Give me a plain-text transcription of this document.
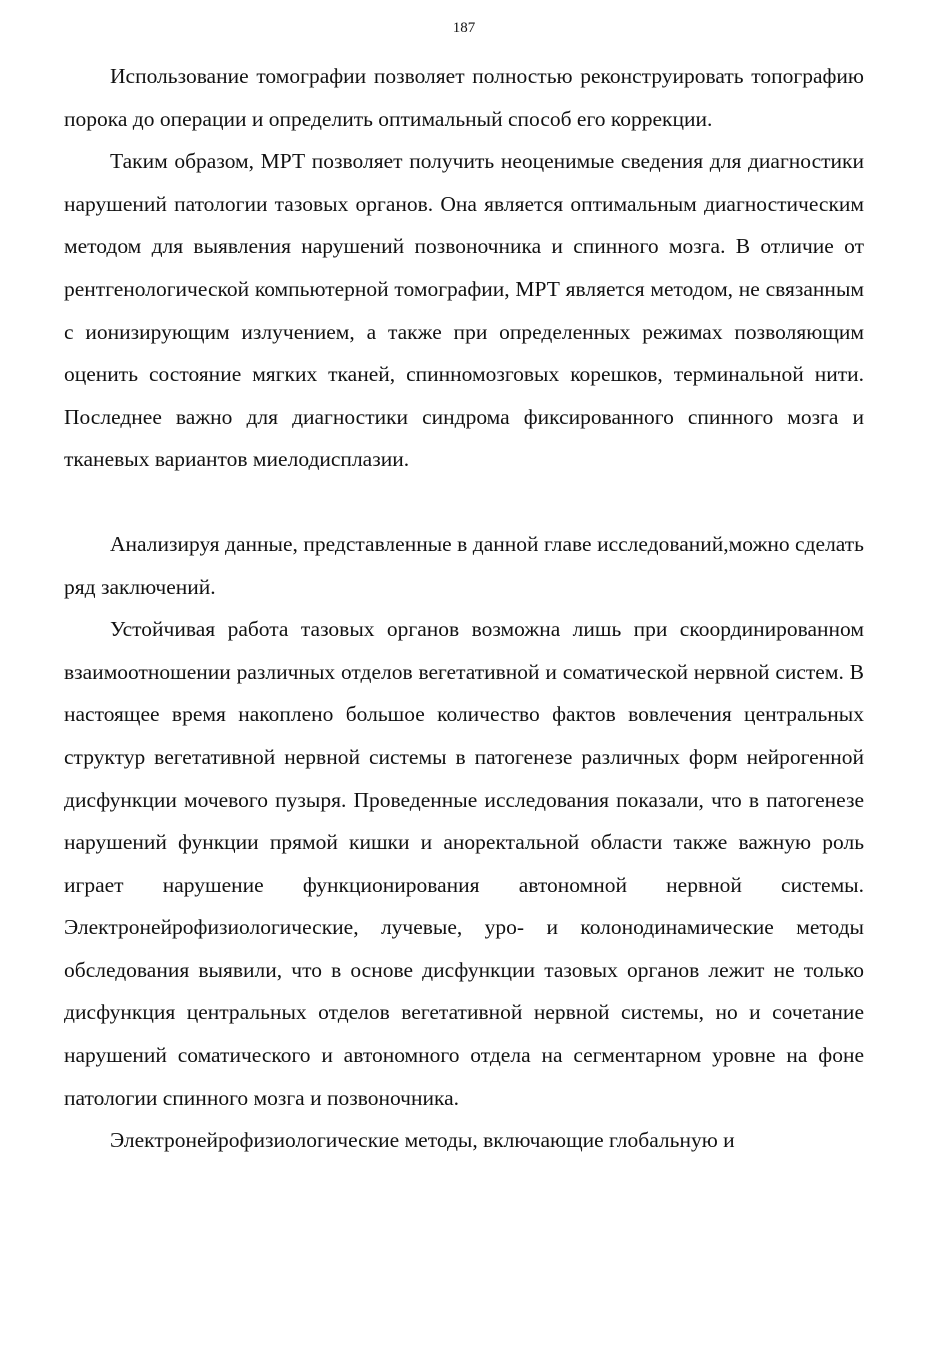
187

Использование томографии позволяет полностью реконструировать топографию порока до операции и определить оптимальный способ его коррекции.

Таким образом, МРТ позволяет получить неоценимые сведения для диагностики нарушений патологии тазовых органов. Она является оптимальным диагностическим методом для выявления нарушений позвоночника и спинного мозга. В отличие от рентгенологической компьютерной томографии, МРТ является методом, не связанным с ионизирующим излучением, а также при определенных режимах позволяющим оценить состояние мягких тканей, спинномозговых корешков, терминальной нити. Последнее важно для диагностики синдрома фиксированного спинного мозга и тканевых вариантов миелодисплазии.

Анализируя данные, представленные в данной главе исследований,можно сделать ряд заключений.

Устойчивая работа тазовых органов возможна лишь при скоординированном взаимоотношении различных отделов вегетативной и соматической нервной систем. В настоящее время накоплено большое количество фактов вовлечения центральных структур вегетативной нервной системы в патогенезе различных форм нейрогенной дисфункции мочевого пузыря. Проведенные исследования показали, что в патогенезе нарушений функции прямой кишки и аноректальной области также важную роль играет нарушение функционирования автономной нервной системы. Электронейрофизиологические, лучевые, уро- и колонодинамические методы обследования выявили, что в основе дисфункции тазовых органов лежит не только дисфункция центральных отделов вегетативной нервной системы, но и сочетание нарушений соматического и автономного отдела на сегментарном уровне на фоне патологии спинного мозга и позвоночника.

Электронейрофизиологические методы, включающие глобальную и
